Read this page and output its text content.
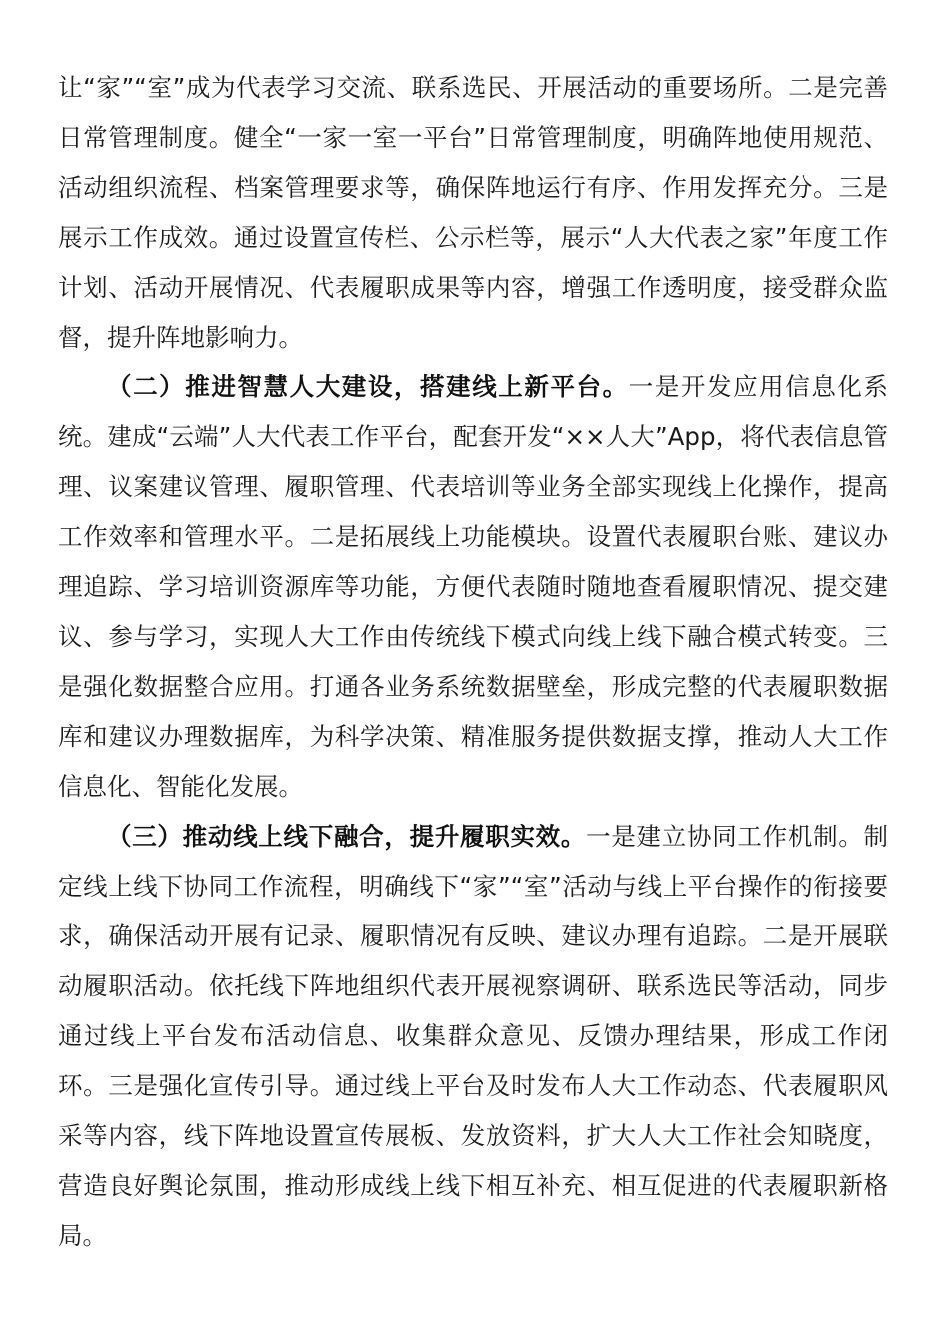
让“家”“室”成为代表学习交流、联系选民、开展活动的重要场所。二是完善日常管理制度。健全“一家一室一平台”日常管理制度，明确阵地使用规范、活动组织流程、档案管理要求等，确保阵地运行有序、作用发挥充分。三是展示工作成效。通过设置宣传栏、公示栏等，展示“人大代表之家”年度工作计划、活动开展情况、代表履职成果等内容，增强工作透明度，接受群众监督，提升阵地影响力。

（二）推进智慧人大建设，搭建线上新平台。一是开发应用信息化系统。建成“云端”人大代表工作平台，配套开发“××人大”App，将代表信息管理、议案建议管理、履职管理、代表培训等业务全部实现线上化操作，提高工作效率和管理水平。二是拓展线上功能模块。设置代表履职台账、建议办理追踪、学习培训资源库等功能，方便代表随时随地查看履职情况、提交建议、参与学习，实现人大工作由传统线下模式向线上线下融合模式转变。三是强化数据整合应用。打通各业务系统数据壁垒，形成完整的代表履职数据库和建议办理数据库，为科学决策、精准服务提供数据支撑，推动人大工作信息化、智能化发展。

（三）推动线上线下融合，提升履职实效。一是建立协同工作机制。制定线上线下协同工作流程，明确线下“家”“室”活动与线上平台操作的衔接要求，确保活动开展有记录、履职情况有反映、建议办理有追踪。二是开展联动履职活动。依托线下阵地组织代表开展视察调研、联系选民等活动，同步通过线上平台发布活动信息、收集群众意见、反馈办理结果，形成工作闭环。三是强化宣传引导。通过线上平台及时发布人大工作动态、代表履职风采等内容，线下阵地设置宣传展板、发放资料，扩大人大工作社会知晓度，营造良好舆论氛围，推动形成线上线下相互补充、相互促进的代表履职新格局。
